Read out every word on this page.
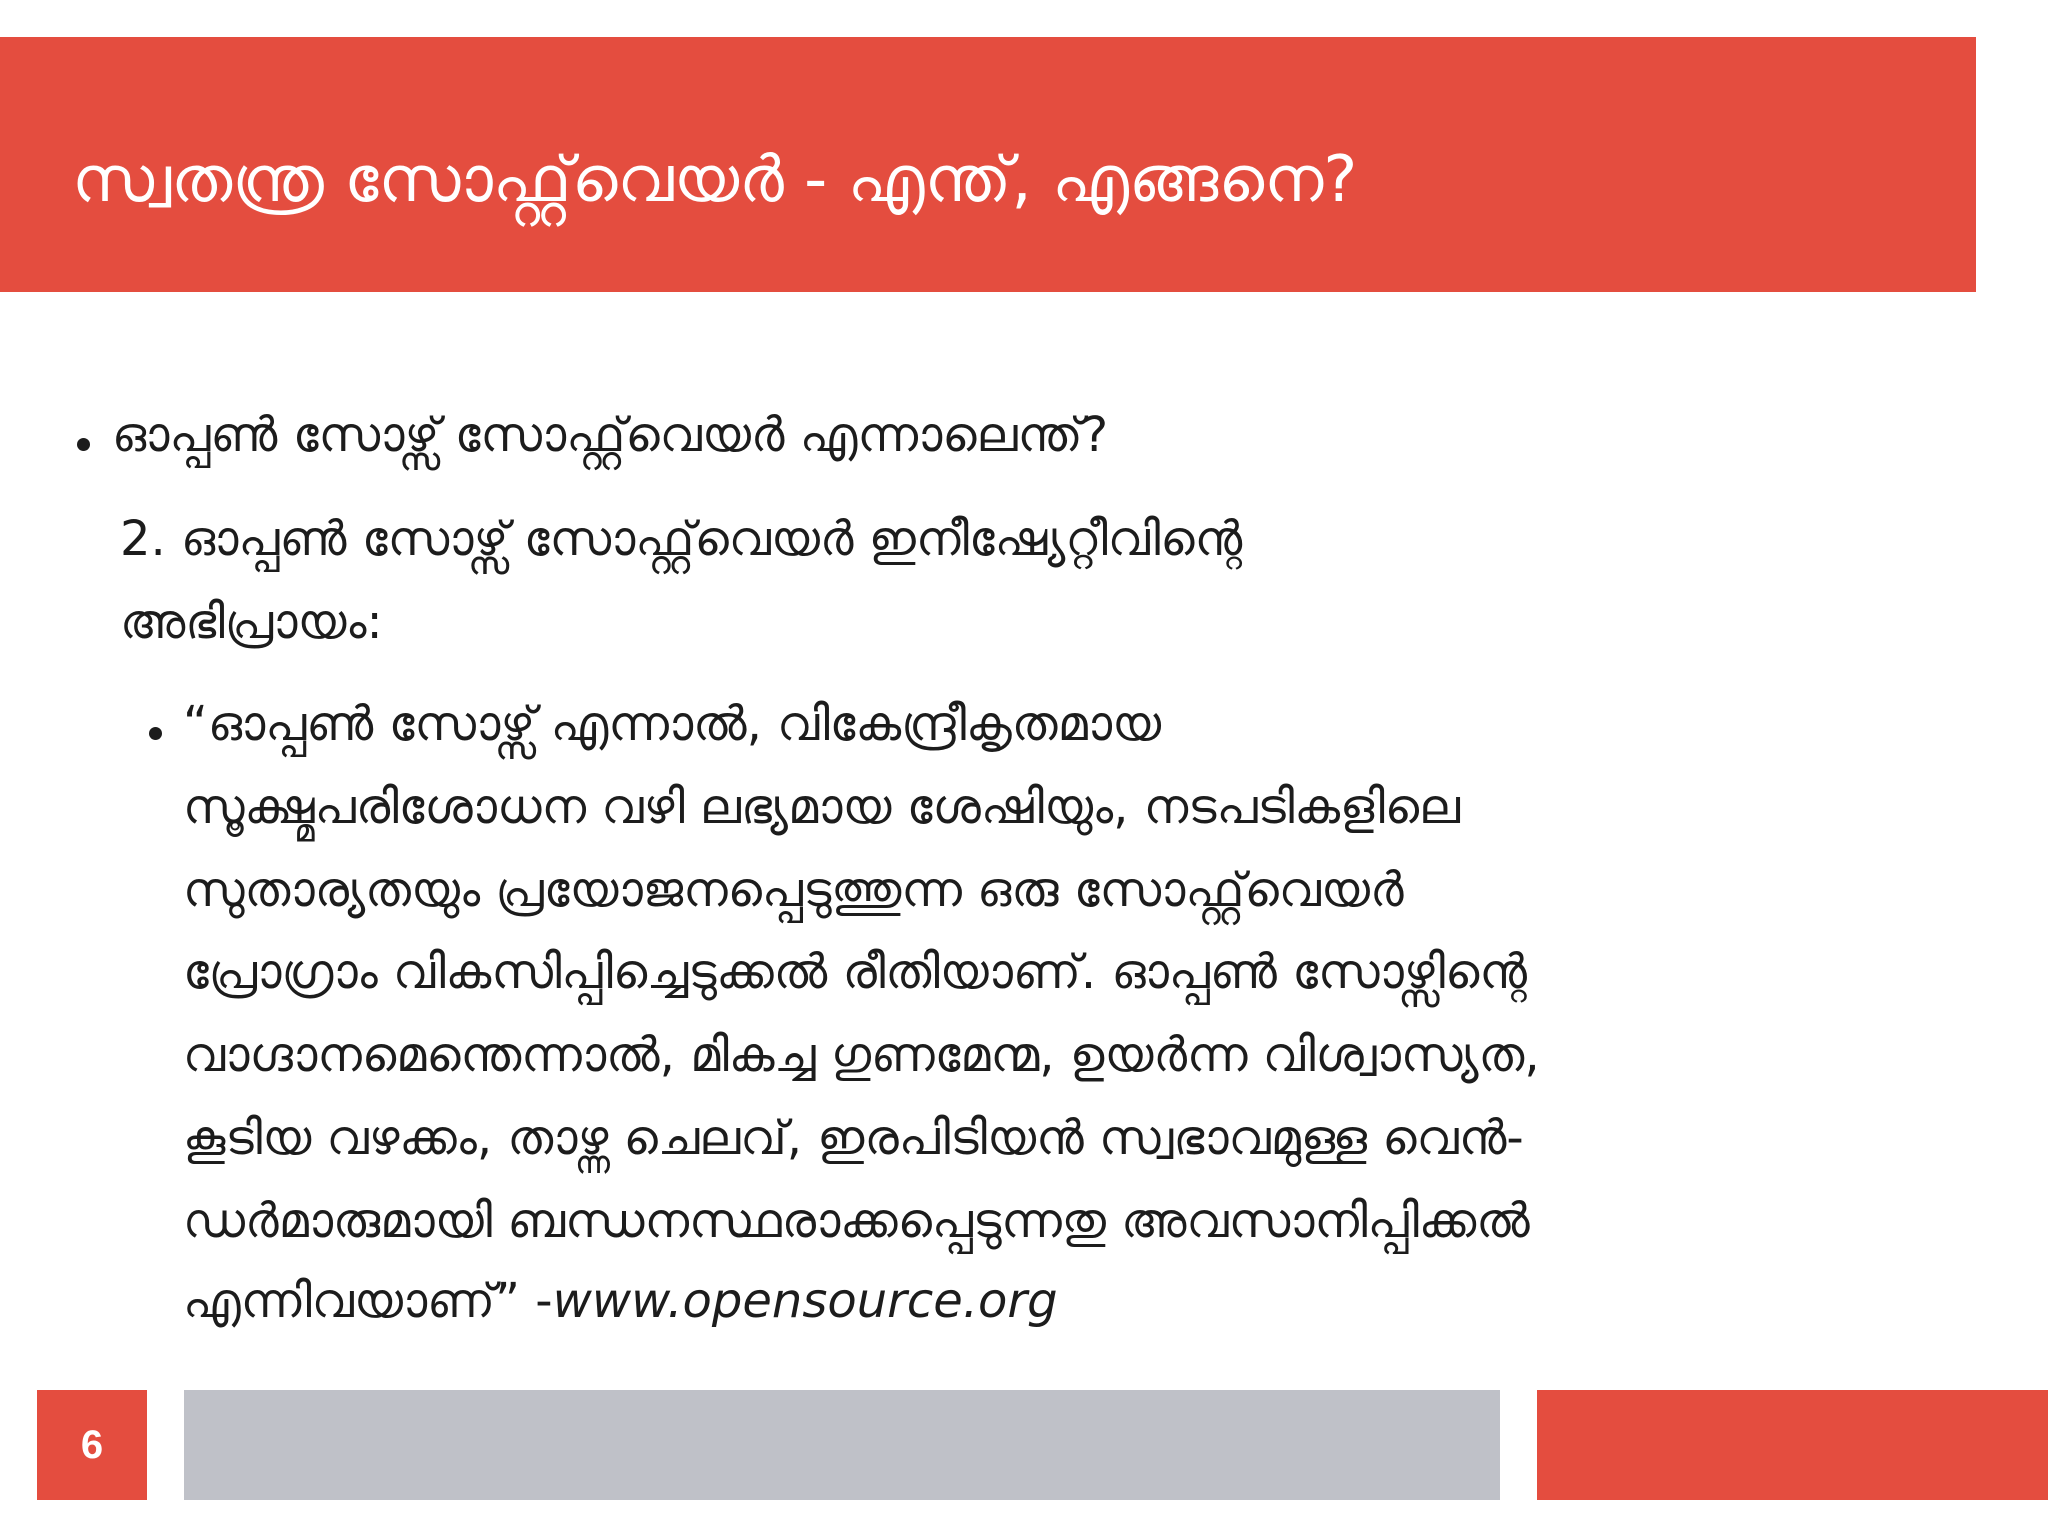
സ്വതന്ത്ര സോഫ്റ്റ്‌വെയർ - എന്ത്, എങ്ങനെ?
ഓപ്പൺ സോഴ്സ് സോഫ്റ്റ്‌വെയർ എന്നാലെന്ത്?
2. ഓപ്പൺ സോഴ്സ് സോഫ്റ്റ്‌വെയർ ഇനീഷ്യേറ്റീവിന്റെ
അഭിപ്രായം:
“ഓപ്പൺ സോഴ്സ് എന്നാൽ, വികേന്ദ്രീകൃതമായ
സൂക്ഷ്മപരിശോധന വഴി ലഭ്യമായ ശേഷിയും, നടപടികളിലെ
സുതാര്യതയും പ്രയോജനപ്പെടുത്തുന്ന ഒരു സോഫ്റ്റ്‌വെയർ
പ്രോഗ്രാം വികസിപ്പിച്ചെടുക്കൽ രീതിയാണ്. ഓപ്പൺ സോഴ്സിന്റെ
വാഗ്ദാനമെന്തെന്നാൽ, മികച്ച ഗുണമേന്മ, ഉയർന്ന വിശ്വാസ്യത,
കൂടിയ വഴക്കം, താഴ്ന്ന ചെലവ്, ഇരപിടിയൻ സ്വഭാവമുള്ള വെൻ-
ഡർമാരുമായി ബന്ധനസ്ഥരാക്കപ്പെടുന്നതു അവസാനിപ്പിക്കൽ
എന്നിവയാണ്” -www.opensource.org
6
